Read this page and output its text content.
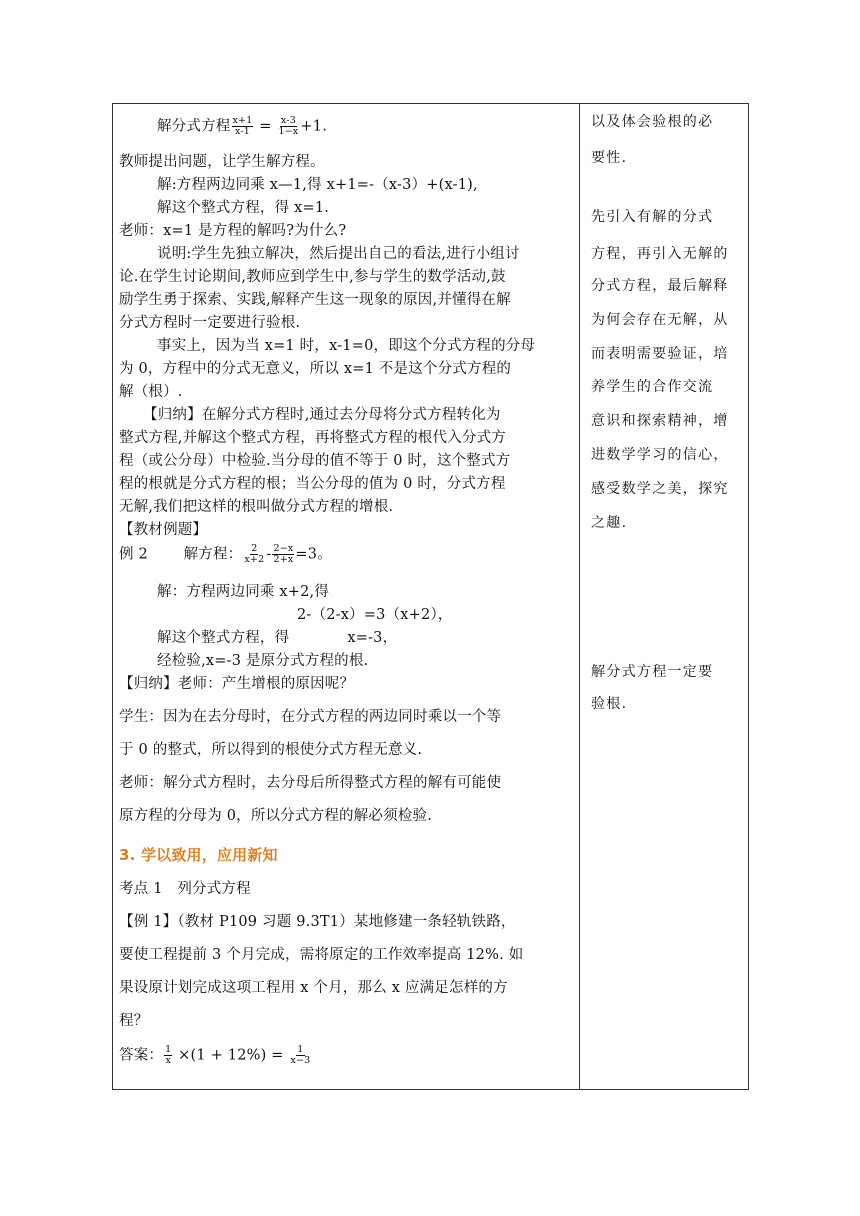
解分式方程 $\frac{x+1}{x-1} = \frac{x-3}{1-x} +1$.
教师提出问题，让学生解方程。
解:方程两边同乘 x—1,得 x+1=-（x-3）+(x-1),
解这个整式方程，得 x=1.
老师：x=1 是方程的解吗?为什么?
说明:学生先独立解决，然后提出自己的看法,进行小组讨
论.在学生讨论期间,教师应到学生中,参与学生的数学活动,鼓
励学生勇于探索、实践,解释产生这一现象的原因,并懂得在解
分式方程时一定要进行验根.
事实上，因为当 x=1 时，x-1=0，即这个分式方程的分母
为 0，方程中的分式无意义，所以 x=1 不是这个分式方程的
解（根）.
【归纳】在解分式方程时,通过去分母将分式方程转化为
整式方程,并解这个整式方程，再将整式方程的根代入分式方
程（或公分母）中检验.当分母的值不等于 0 时，这个整式方
程的根就是分式方程的根；当公分母的值为 0 时，分式方程
无解,我们把这样的根叫做分式方程的增根.
【教材例题】
例 2 解方程： $\frac{2}{x+2} - \frac{2-x}{2+x} =3$。
解：方程两边同乘 x+2,得
2-（2-x）=3（x+2），
解这个整式方程，得	x=-3，
经检验,x=-3 是原分式方程的根.
【归纳】老师：产生增根的原因呢？
学生：因为在去分母时，在分式方程的两边同时乘以一个等
于 0 的整式，所以得到的根使分式方程无意义.
老师：解分式方程时，去分母后所得整式方程的解有可能使
原方程的分母为 0，所以分式方程的解必须检验.
3. 学以致用，应用新知
考点 1　列分式方程
【例 1】（教材 P109 习题 9.3T1）某地修建一条轻轨铁路，
要使工程提前 3 个月完成，需将原定的工作效率提高 12%. 如
果设原计划完成这项工程用 x 个月，那么 x 应满足怎样的方
程？
答案： $\frac{1}{x} \times(1 + 12\%) = \frac{1}{x-3}$
以及体会验根的必
要性.
先引入有解的分式
方程，再引入无解的
分式方程，最后解释
为何会存在无解，从
而表明需要验证，培
养学生的合作交流
意识和探索精神，增
进数学学习的信心，
感受数学之美，探究
之趣.
解分式方程一定要
验根.
